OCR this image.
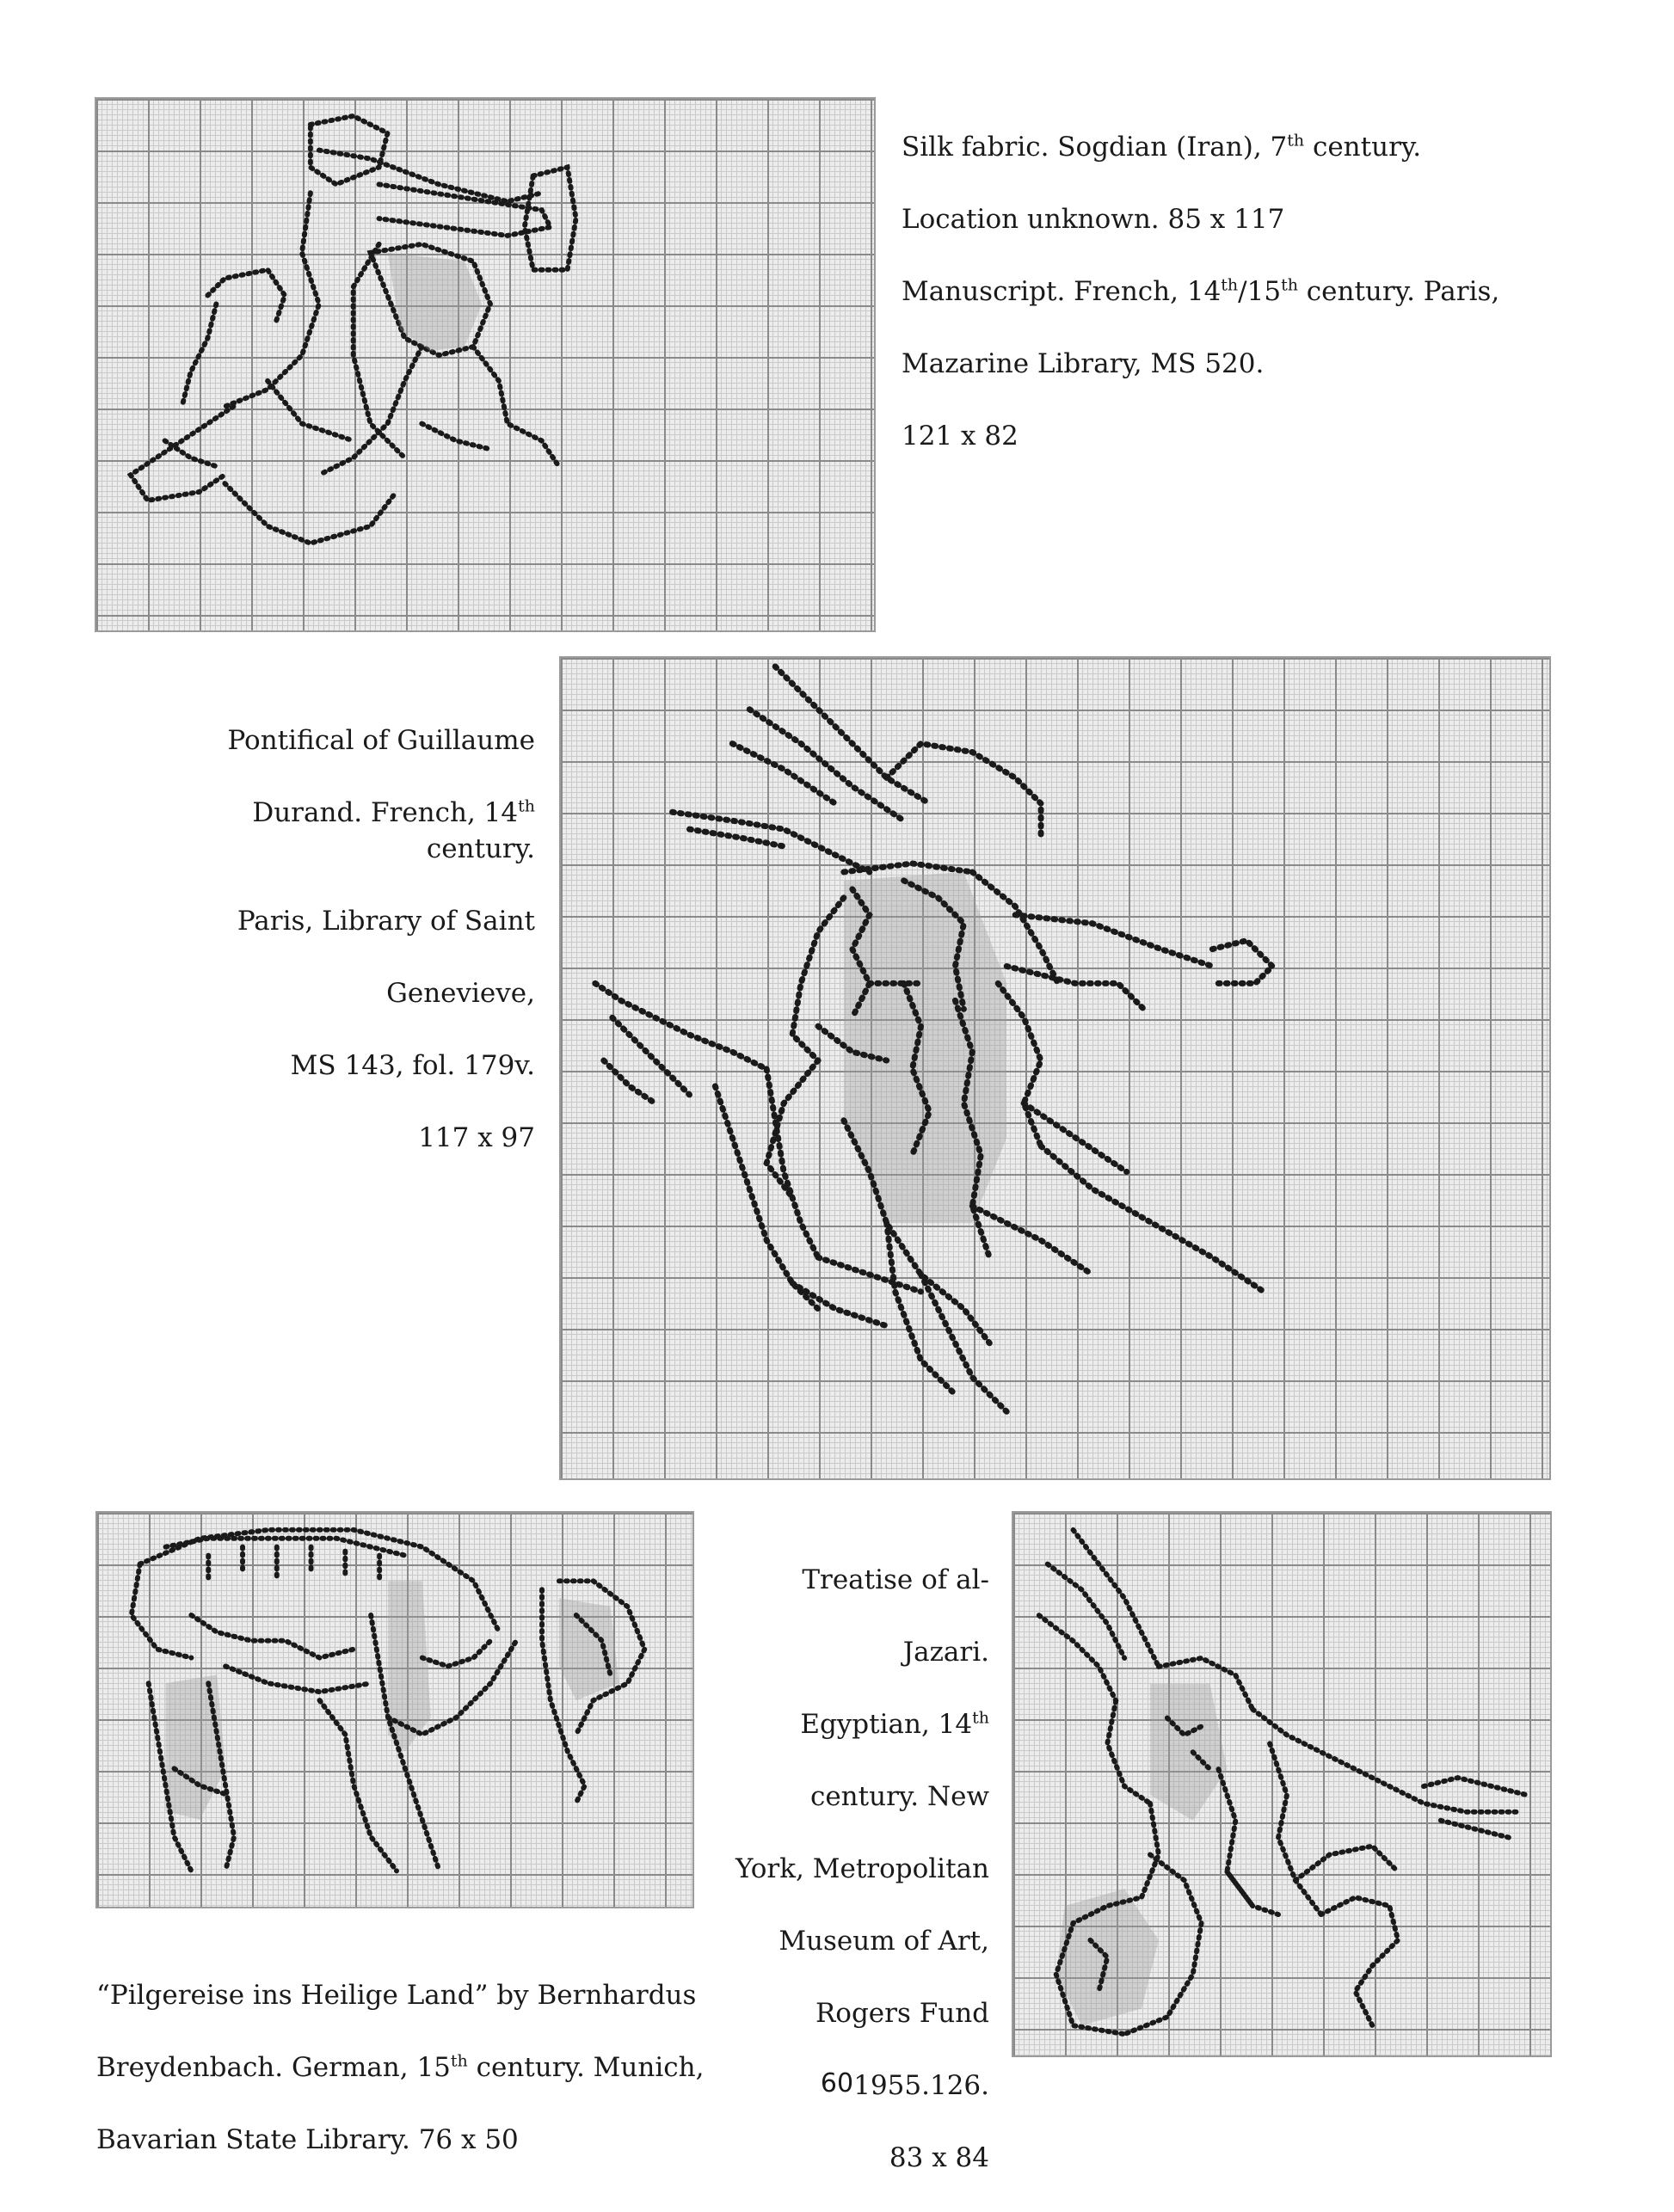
Silk fabric. Sogdian (Iran), 7th century.

Location unknown. 85 x 117

Manuscript. French, 14th/15th century. Paris,

Mazarine Library, MS 520.

121 x 82

Pontifical of Guillaume

Durand. French, 14th century.

Paris, Library of Saint

Genevieve,

MS 143, fol. 179v.

117 x 97

Treatise of al-

Jazari.

Egyptian, 14th

century. New

York, Metropolitan

Museum of Art,

Rogers Fund

1955.126.

83 x 84

“Pilgereise ins Heilige Land” by Bernhardus

Breydenbach. German, 15th century. Munich,

Bavarian State Library. 76 x 50

60
